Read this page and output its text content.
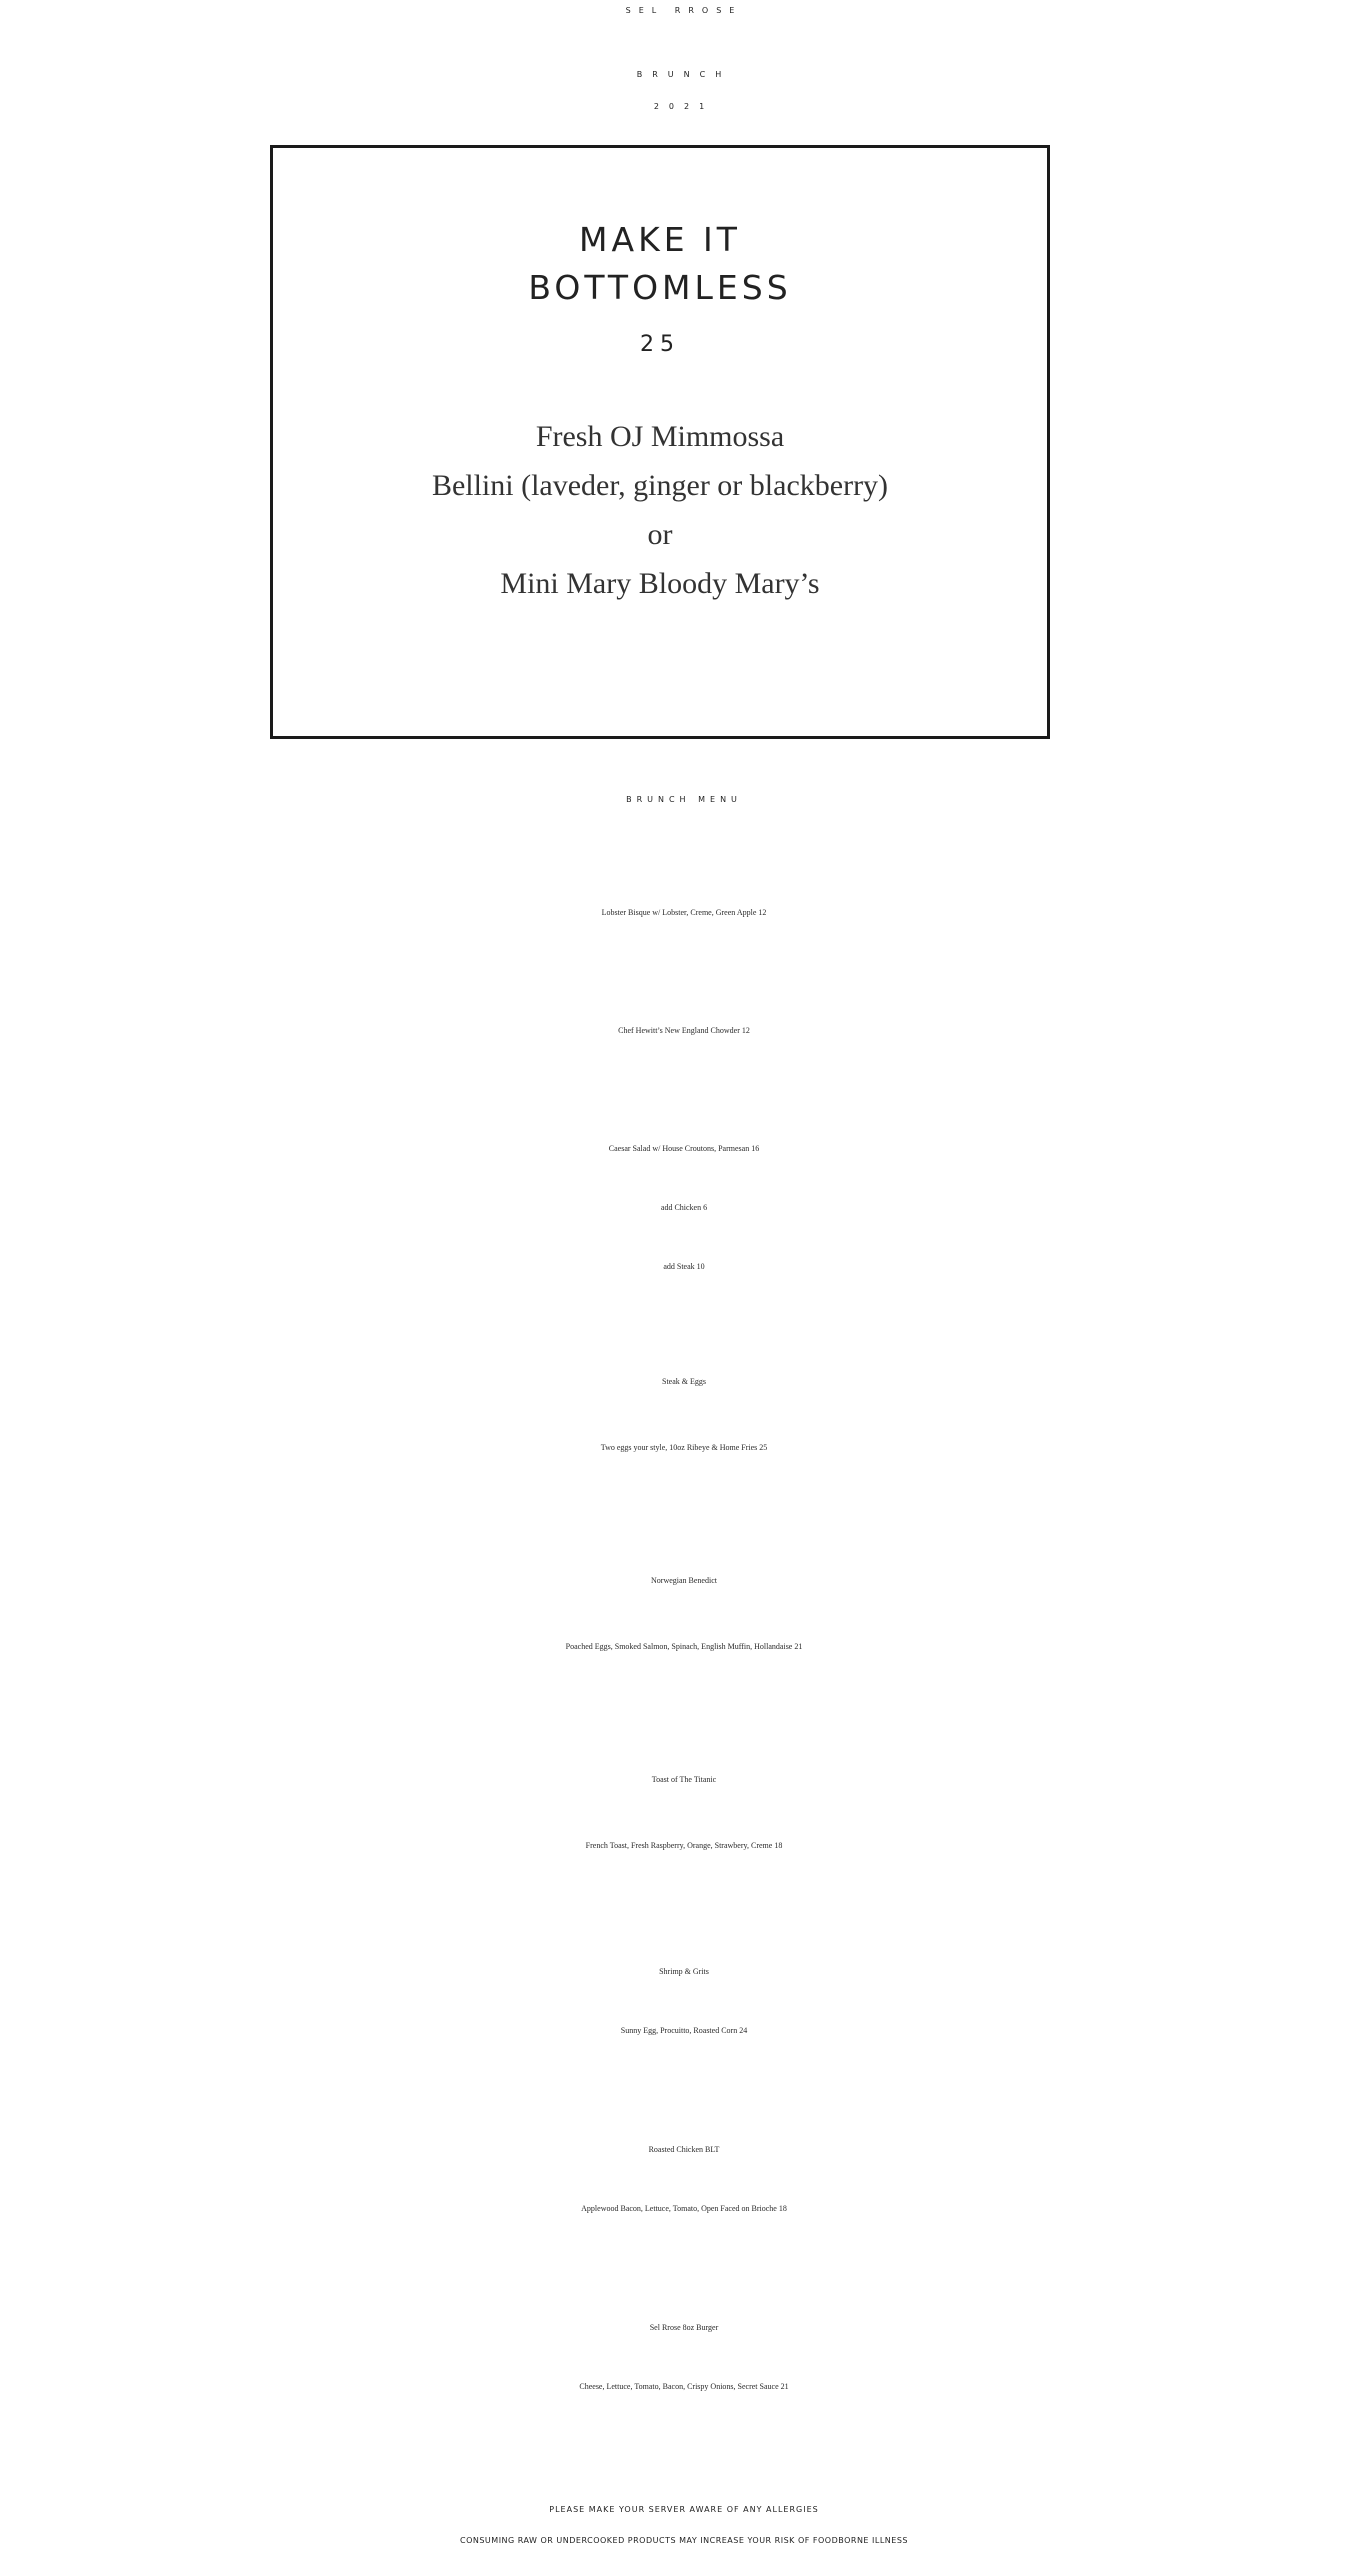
SEL RROSE
BRUNCH
2021
MAKE IT
BOTTOMLESS
25
Fresh OJ Mimmossa
Bellini (laveder, ginger or blackberry)
or
Mini Mary Bloody Mary’s
BRUNCH MENU
Lobster Bisque w/ Lobster, Creme, Green Apple 12
Chef Hewitt’s New England Chowder 12
Caesar Salad w/ House Croutons, Parmesan 16
add Chicken 6
add Steak 10
Steak & Eggs
Two eggs your style, 10oz Ribeye & Home Fries 25
Norwegian Benedict
Poached Eggs, Smoked Salmon, Spinach, English Muffin, Hollandaise 21
Toast of The Titanic
French Toast, Fresh Raspberry, Orange, Strawbery, Creme 18
Shrimp & Grits
Sunny Egg, Procuitto, Roasted Corn 24
Roasted Chicken BLT
Applewood Bacon, Lettuce, Tomato, Open Faced on Brioche 18
Sel Rrose 8oz Burger
Cheese, Lettuce, Tomato, Bacon, Crispy Onions, Secret Sauce 21
PLEASE MAKE YOUR SERVER AWARE OF ANY ALLERGIES
CONSUMING RAW OR UNDERCOOKED PRODUCTS MAY INCREASE YOUR RISK OF FOODBORNE ILLNESS
